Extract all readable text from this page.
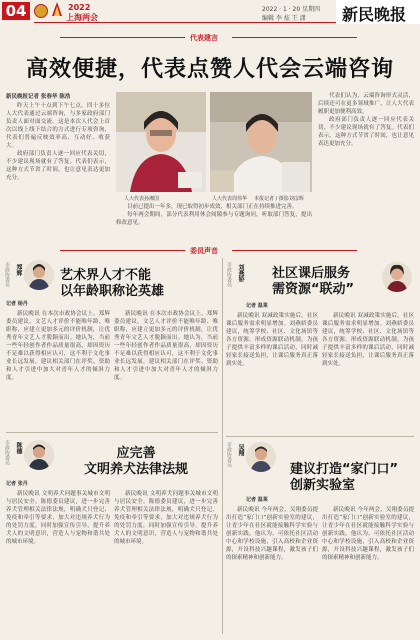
04	2022
上海两会
2022 · 1 · 20 星期四
编辑 李 炫 王 潇 新民晚报
代表建言
高效便捷，代表点赞人代会云端咨询
新民晚报记者 张春华 陈浩

昨天上午十点到下午七点，四十多位人大代表通过云端咨询，与多家政府部门负责人面对面交流。这是本次人代会上首次以线上线下结合的方式进行专项咨询，代表们普遍反映效率高、互动好、收获大。

政府部门负责人逐一回应代表关切，不少建议现场就有了答复。代表们表示，这种方式节省了时间，也让意见表达更加充分。

人大代表孙湘国	人大代表周伟华 本报记者 / 摄影刘彦辉

目前已提出一年多，现已取得初步成效，相关部门正在持续推进完善。

每年两会期间，部分代表利用休会间隙参与专题询问，听取部门答复，提出修改意见。

代表们认为，云端咨询形式灵活，后续还可在更多领域推广，让人大代表履职更加便利高效。

政府部门负责人逐一回应代表关切，不少建议现场就有了答复。代表们表示，这种方式节省了时间，也让意见表达更加充分。

委员声音
市政协委员 郑辉	艺术界人才不能
以年龄职称论英雄
记者 杨丹

新民晚讯 在本次市政协会议上，郑辉委员建议，文艺人才评价不能唯年龄、唯职称，应建立更加多元的评价机制，让优秀青年文艺人才脱颖而出。她认为，当前一些年轻创作者作品质量很高，却因资历不足难以获得相应认可，这不利于文化事业长远发展。建议相关部门在评奖、资助和人才引进中加大对青年人才的倾斜力度。

新民晚讯 在本次市政协会议上，郑辉委员建议，文艺人才评价不能唯年龄、唯职称，应建立更加多元的评价机制，让优秀青年文艺人才脱颖而出。她认为，当前一些年轻创作者作品质量很高，却因资历不足难以获得相应认可，这不利于文化事业长远发展。建议相关部门在评奖、资助和人才引进中加大对青年人才的倾斜力度。

市政协委员 刘燕娇 社区课后服务
需资源“联动”
记者 温莱

新民晚讯 双减政策实施后，社区课后服务需求明显增加。刘燕娇委员建议，统筹学校、社区、文化场馆等各方资源，形成资源联动机制，为孩子提供丰富多样的课后活动，同时减轻家长接送负担，让课后服务真正落到实处。

新民晚讯 双减政策实施后，社区课后服务需求明显增加。刘燕娇委员建议，统筹学校、社区、文化场馆等各方资源，形成资源联动机制，为孩子提供丰富多样的课后活动，同时减轻家长接送负担，让课后服务真正落到实处。

市政协委员 陈德	应完善
文明养犬法律法规
记者 张丹

新民晚讯 文明养犬问题事关城市文明与居民安全。陈德委员建议，进一步完善养犬管理相关法律法规，明确犬只登记、免疫和牵引等要求，加大对违规养犬行为的处罚力度，同时加强宣传引导，提升养犬人的文明意识，营造人与宠物和谐共处的城市环境。

新民晚讯 文明养犬问题事关城市文明与居民安全。陈德委员建议，进一步完善养犬管理相关法律法规，明确犬只登记、免疫和牵引等要求，加大对违规养犬行为的处罚力度，同时加强宣传引导，提升养犬人的文明意识，营造人与宠物和谐共处的城市环境。

市政协委员 吴翔
建议打造“家门口”
创新实验室
记者 温莱

新民晚讯 今年两会，吴翔委员提出打造“家门口”创新实验室的建议，让青少年在社区就能接触科学实验与创新实践。他认为，可依托社区活动中心和学校设施，引入高校和企业资源，开设科技兴趣课程，激发孩子们的探索精神和创新能力。

新民晚讯 今年两会，吴翔委员提出打造“家门口”创新实验室的建议，让青少年在社区就能接触科学实验与创新实践。他认为，可依托社区活动中心和学校设施，引入高校和企业资源，开设科技兴趣课程，激发孩子们的探索精神和创新能力。
